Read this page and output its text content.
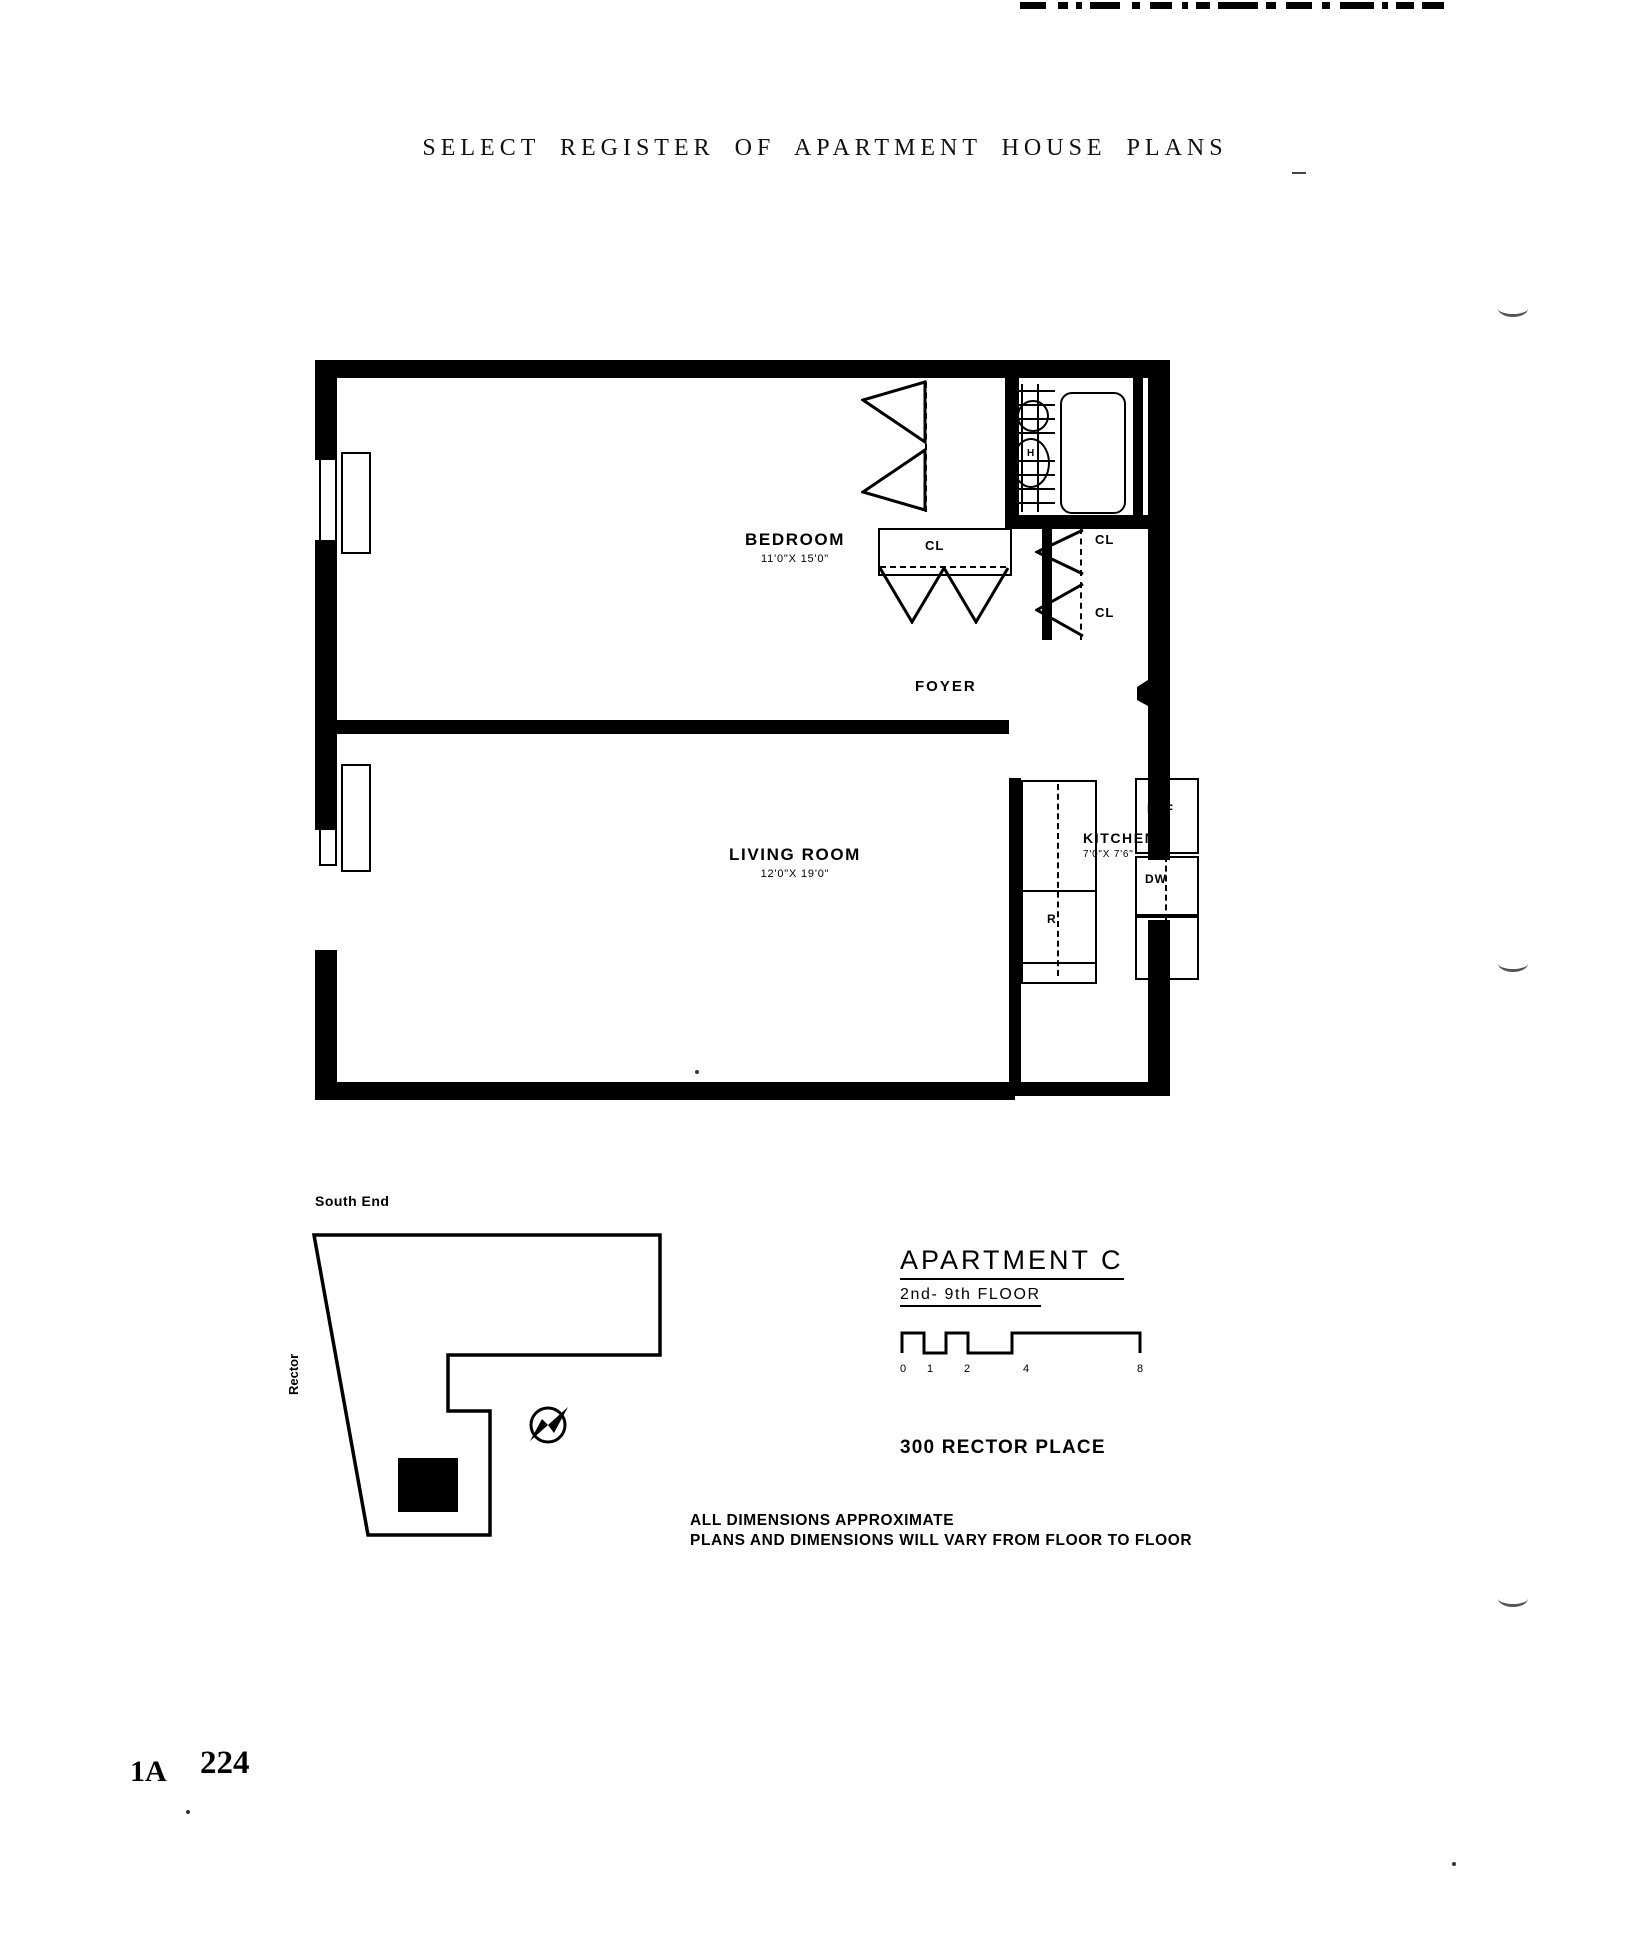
SELECT REGISTER OF APARTMENT HOUSE PLANS
H
CL	CL
CL
FOYER
BEDROOM
11'0"X 15'0"
LIVING ROOM
12'0"X 19'0"
R
KITCHEN
7'0"X 7'6"
REF
DW
S
South End
Rector
APARTMENT C
2nd- 9th FLOOR
0 1	2	4	8
300 RECTOR PLACE
ALL DIMENSIONS APPROXIMATE
PLANS AND DIMENSIONS WILL VARY FROM FLOOR TO FLOOR
1A 224
